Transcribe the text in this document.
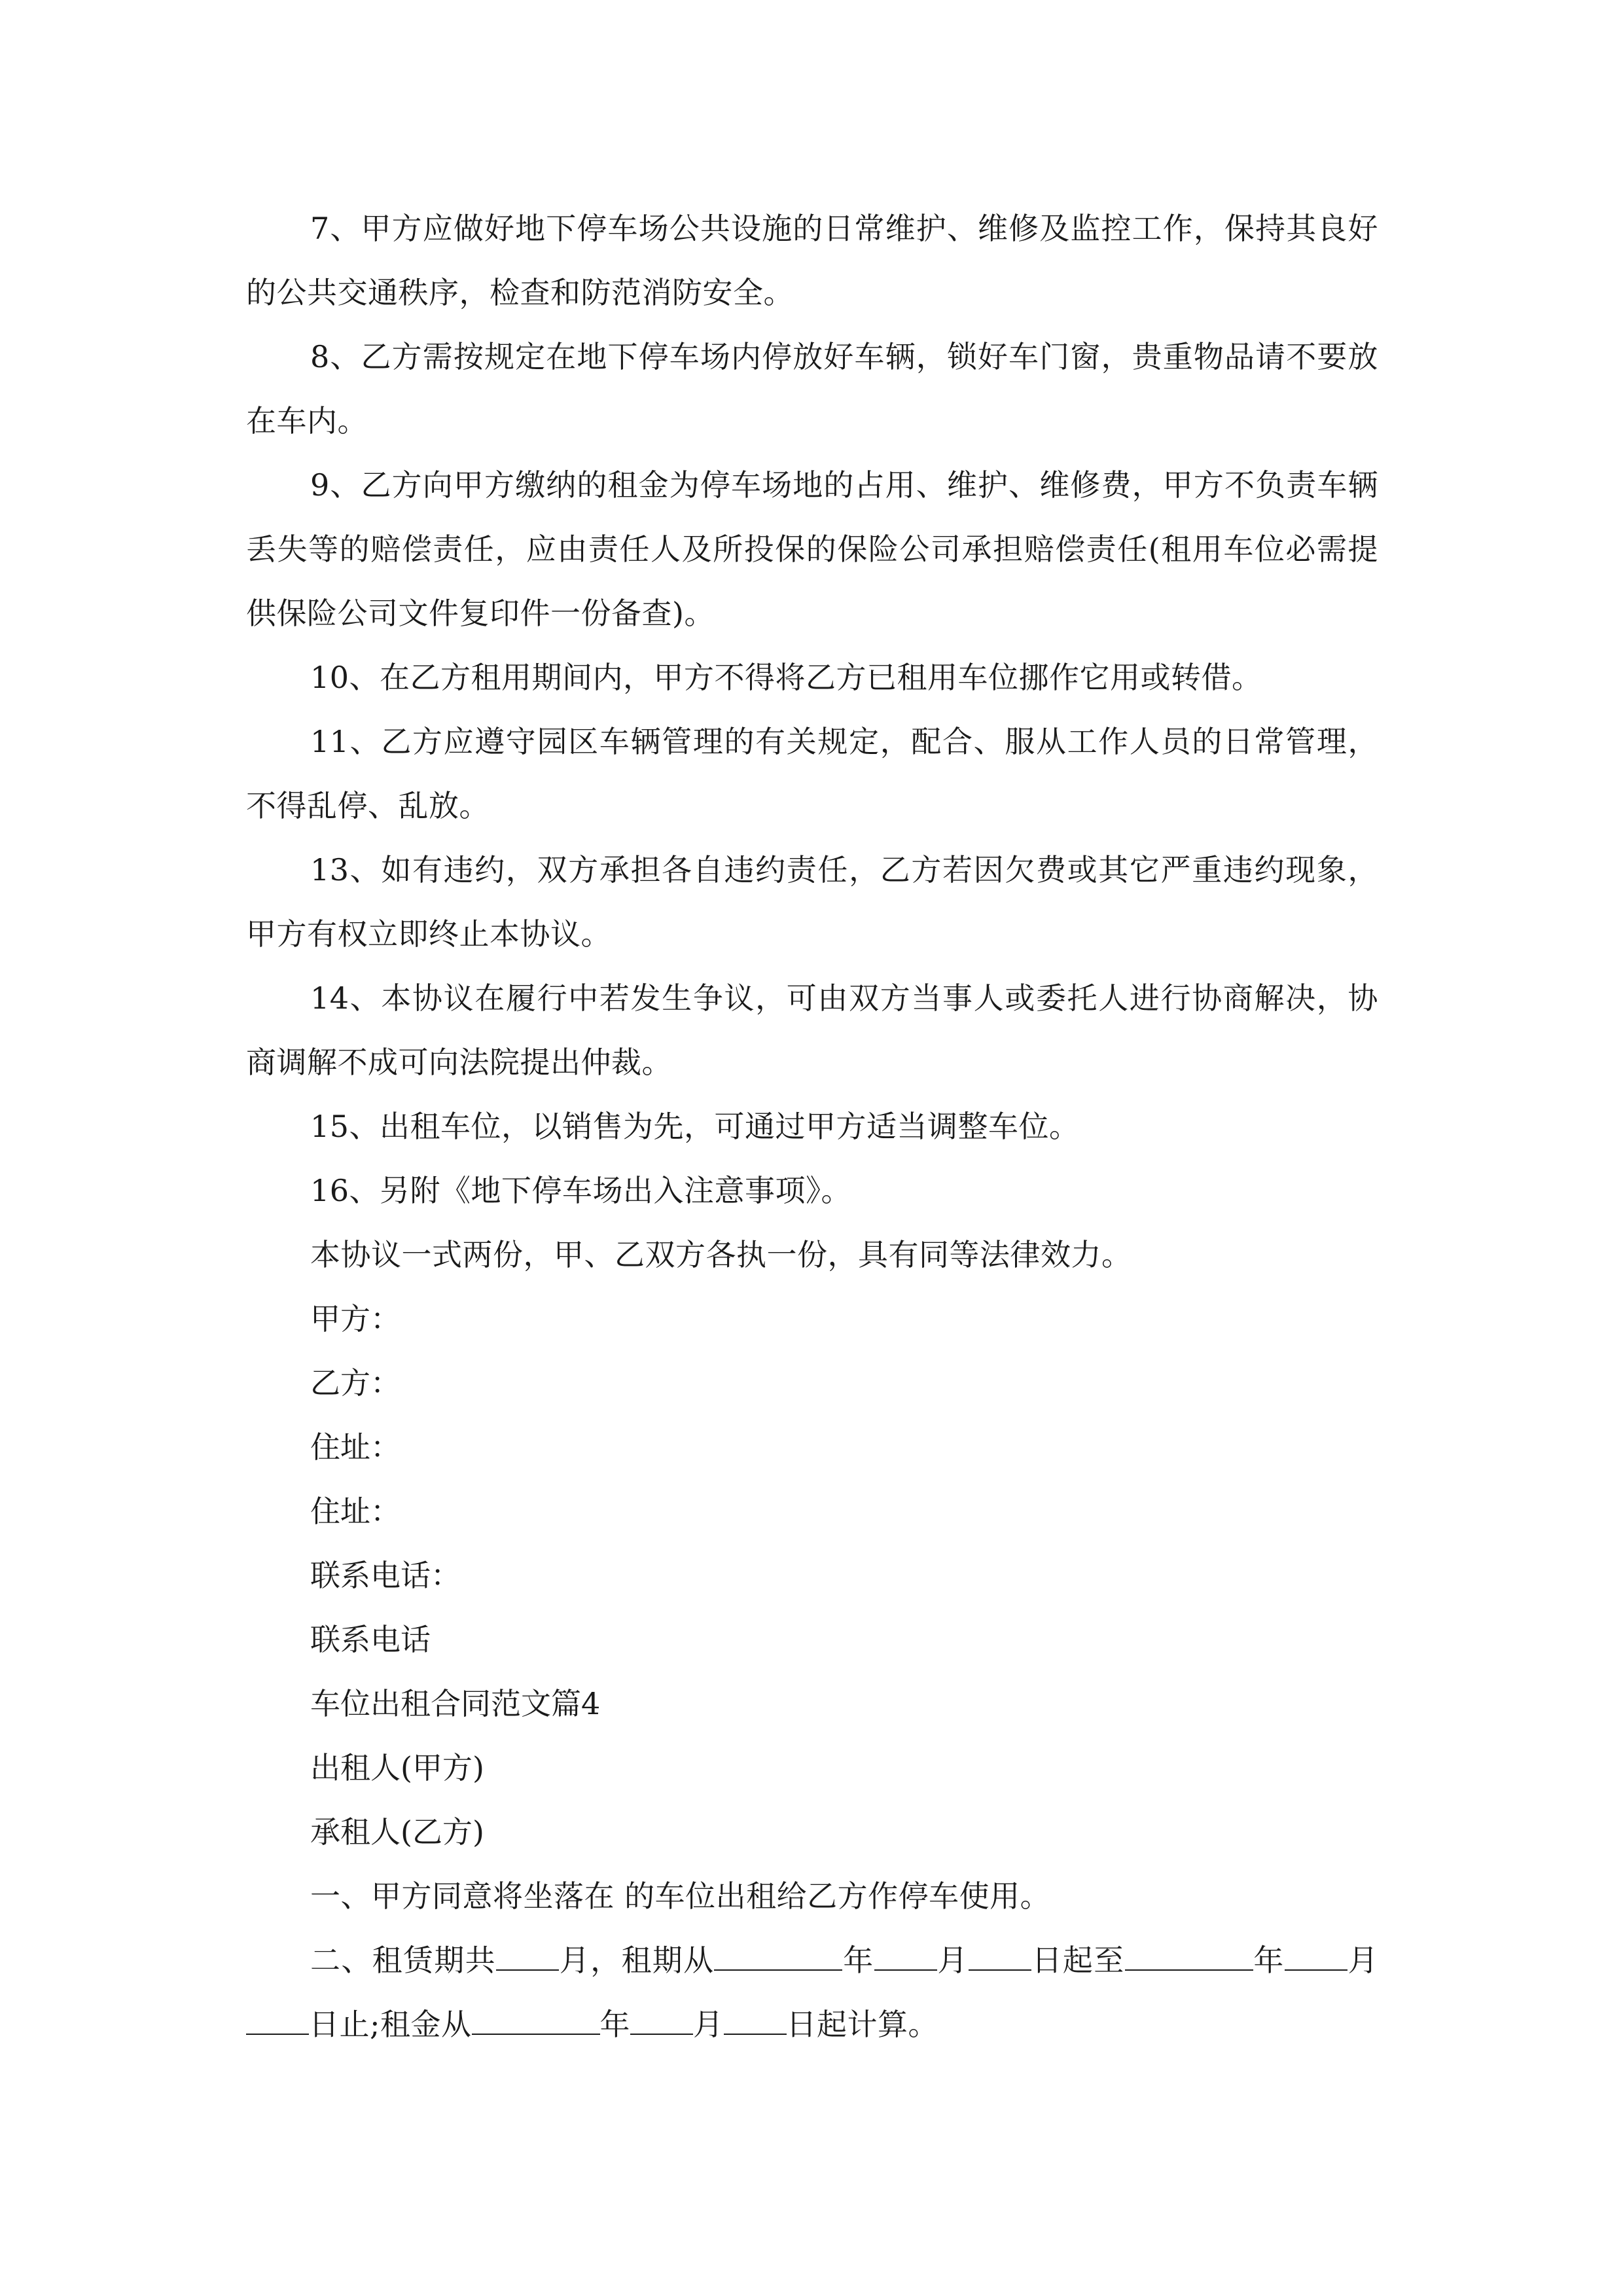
7、甲方应做好地下停车场公共设施的日常维护、维修及监控工作，保持其良好的公共交通秩序，检查和防范消防安全。

8、乙方需按规定在地下停车场内停放好车辆，锁好车门窗，贵重物品请不要放在车内。

9、乙方向甲方缴纳的租金为停车场地的占用、维护、维修费，甲方不负责车辆丢失等的赔偿责任，应由责任人及所投保的保险公司承担赔偿责任(租用车位必需提供保险公司文件复印件一份备查)。

10、在乙方租用期间内，甲方不得将乙方已租用车位挪作它用或转借。

11、乙方应遵守园区车辆管理的有关规定，配合、服从工作人员的日常管理，不得乱停、乱放。

13、如有违约，双方承担各自违约责任，乙方若因欠费或其它严重违约现象，甲方有权立即终止本协议。

14、本协议在履行中若发生争议，可由双方当事人或委托人进行协商解决，协商调解不成可向法院提出仲裁。

15、出租车位，以销售为先，可通过甲方适当调整车位。

16、另附《地下停车场出入注意事项》。

本协议一式两份，甲、乙双方各执一份，具有同等法律效力。

甲方：

乙方：

住址：

住址：

联系电话：

联系电话

车位出租合同范文篇4

出租人(甲方)

承租人(乙方)

一、甲方同意将坐落在 的车位出租给乙方作停车使用。

二、租赁期共 月，租期从	年 月 日起至	年 月日止;租金从	年 月 日起计算。
